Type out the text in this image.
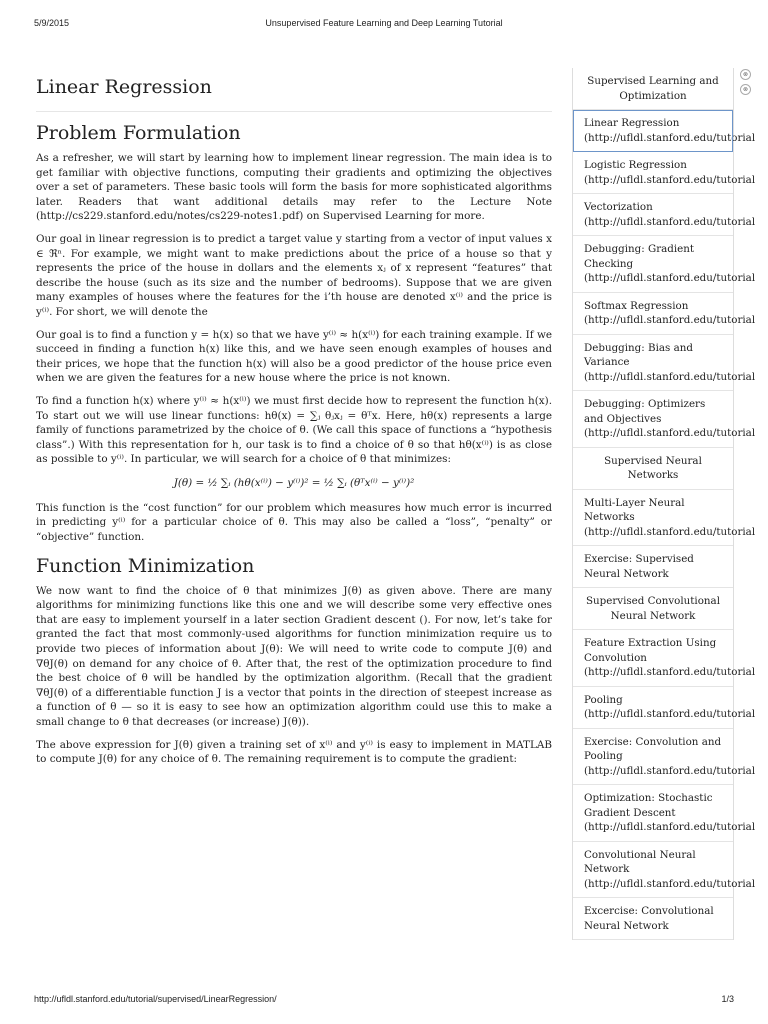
5/9/2015	Unsupervised Feature Learning and Deep Learning Tutorial
Linear Regression
Problem Formulation

As a refresher, we will start by learning how to implement linear regression. The main idea is to get familiar with objective functions, computing their gradients and optimizing the objectives over a set of parameters. These basic tools will form the basis for more sophisticated algorithms later. Readers that want additional details may refer to the Lecture Note (http://cs229.stanford.edu/notes/cs229-notes1.pdf) on Supervised Learning for more.

Our goal in linear regression is to predict a target value y starting from a vector of input values x ∈ ℜⁿ. For example, we might want to make predictions about the price of a house so that y represents the price of the house in dollars and the elements xⱼ of x represent “features” that describe the house (such as its size and the number of bedrooms). Suppose that we are given many examples of houses where the features for the i’th house are denoted x⁽ⁱ⁾ and the price is y⁽ⁱ⁾. For short, we will denote the

Our goal is to find a function y = h(x) so that we have y⁽ⁱ⁾ ≈ h(x⁽ⁱ⁾) for each training example. If we succeed in finding a function h(x) like this, and we have seen enough examples of houses and their prices, we hope that the function h(x) will also be a good predictor of the house price even when we are given the features for a new house where the price is not known.

To find a function h(x) where y⁽ⁱ⁾ ≈ h(x⁽ⁱ⁾) we must first decide how to represent the function h(x). To start out we will use linear functions: hθ(x) = ∑ⱼ θⱼxⱼ = θᵀx. Here, hθ(x) represents a large family of functions parametrized by the choice of θ. (We call this space of functions a “hypothesis class”.) With this representation for h, our task is to find a choice of θ so that hθ(x⁽ⁱ⁾) is as close as possible to y⁽ⁱ⁾. In particular, we will search for a choice of θ that minimizes:

J(θ) = ½ ∑ᵢ (hθ(x⁽ⁱ⁾) − y⁽ⁱ⁾)² = ½ ∑ᵢ (θᵀx⁽ⁱ⁾ − y⁽ⁱ⁾)²

This function is the “cost function” for our problem which measures how much error is incurred in predicting y⁽ⁱ⁾ for a particular choice of θ. This may also be called a “loss”, “penalty” or “objective” function.

Function Minimization

We now want to find the choice of θ that minimizes J(θ) as given above. There are many algorithms for minimizing functions like this one and we will describe some very effective ones that are easy to implement yourself in a later section Gradient descent (). For now, let’s take for granted the fact that most commonly-used algorithms for function minimization require us to provide two pieces of information about J(θ): We will need to write code to compute J(θ) and ∇θJ(θ) on demand for any choice of θ. After that, the rest of the optimization procedure to find the best choice of θ will be handled by the optimization algorithm. (Recall that the gradient ∇θJ(θ) of a differentiable function J is a vector that points in the direction of steepest increase as a function of θ — so it is easy to see how an optimization algorithm could use this to make a small change to θ that decreases (or increase) J(θ)).

The above expression for J(θ) given a training set of x⁽ⁱ⁾ and y⁽ⁱ⁾ is easy to implement in MATLAB to compute J(θ) for any choice of θ. The remaining requirement is to compute the gradient:

Supervised Learning and Optimization
Linear Regression
(http://ufldl.stanford.edu/tutorial
Logistic Regression
(http://ufldl.stanford.edu/tutorial
Vectorization
(http://ufldl.stanford.edu/tutorial
Debugging: Gradient
Checking
(http://ufldl.stanford.edu/tutorial
Softmax Regression
(http://ufldl.stanford.edu/tutorial
Debugging: Bias and
Variance
(http://ufldl.stanford.edu/tutorial
Debugging: Optimizers
and Objectives
(http://ufldl.stanford.edu/tutorial
Supervised Neural Networks
Multi-Layer Neural
Networks
(http://ufldl.stanford.edu/tutorial
Exercise: Supervised
Neural Network
Supervised Convolutional Neural Network
Feature Extraction Using
Convolution
(http://ufldl.stanford.edu/tutorial
Pooling
(http://ufldl.stanford.edu/tutorial
Exercise: Convolution and
Pooling
(http://ufldl.stanford.edu/tutorial
Optimization: Stochastic
Gradient Descent
(http://ufldl.stanford.edu/tutorial
Convolutional Neural
Network
(http://ufldl.stanford.edu/tutorial
Excercise: Convolutional
Neural Network
⊗
⊗
http://ufldl.stanford.edu/tutorial/supervised/LinearRegression/	1/3
